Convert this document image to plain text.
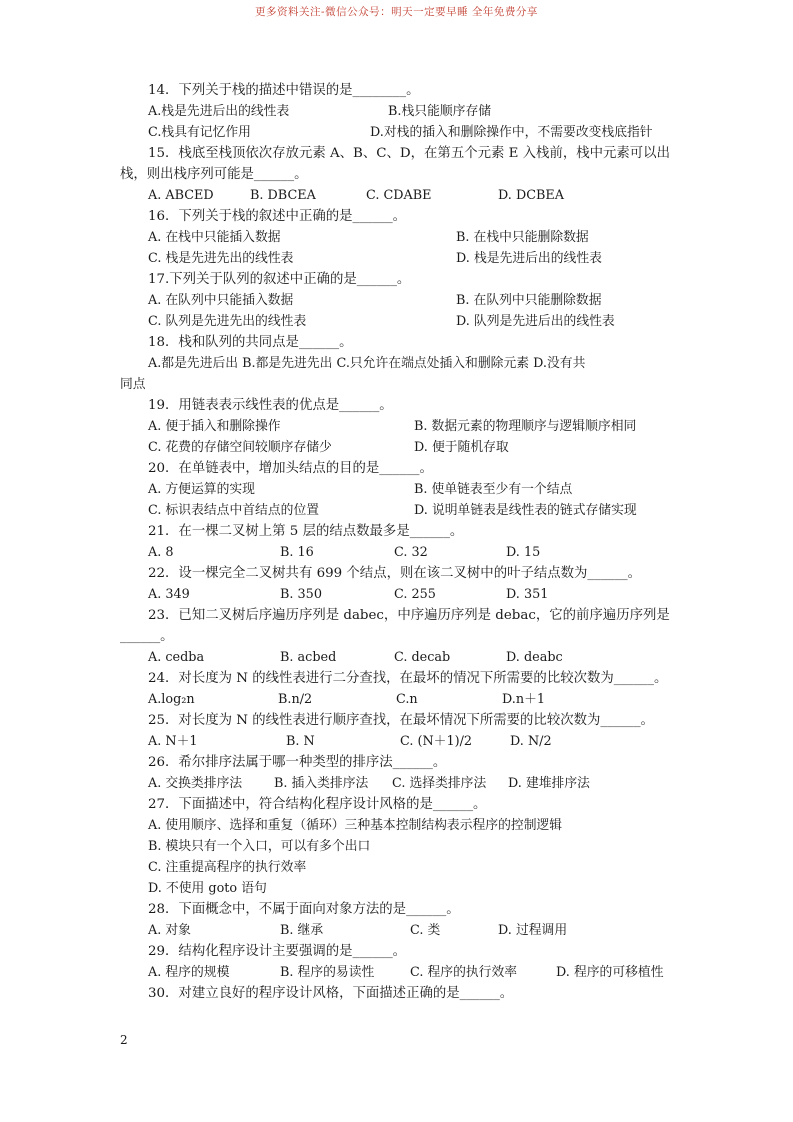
更多资料关注-微信公众号：明天一定要早睡 全年免费分享
14．下列关于栈的描述中错误的是________。
A.栈是先进后出的线性表	B.栈只能顺序存储
C.栈具有记忆作用	D.对栈的插入和删除操作中，不需要改变栈底指针
15．栈底至栈顶依次存放元素 A、B、C、D，在第五个元素 E 入栈前，栈中元素可以出
栈，则出栈序列可能是______。
A. ABCED	B. DBCEA	C. CDABE	D. DCBEA
16．下列关于栈的叙述中正确的是______。
A. 在栈中只能插入数据	B. 在栈中只能删除数据
C. 栈是先进先出的线性表	D. 栈是先进后出的线性表
17.下列关于队列的叙述中正确的是______。
A. 在队列中只能插入数据	B. 在队列中只能删除数据
C. 队列是先进先出的线性表	D. 队列是先进后出的线性表
18．栈和队列的共同点是______。
A.都是先进后出 B.都是先进先出 C.只允许在端点处插入和删除元素 D.没有共
同点
19．用链表表示线性表的优点是______。
A. 便于插入和删除操作	B. 数据元素的物理顺序与逻辑顺序相同
C. 花费的存储空间较顺序存储少	D. 便于随机存取
20．在单链表中，增加头结点的目的是______。
A. 方便运算的实现	B. 使单链表至少有一个结点
C. 标识表结点中首结点的位置	D. 说明单链表是线性表的链式存储实现
21．在一棵二叉树上第 5 层的结点数最多是______。
A. 8	B. 16	C. 32	D. 15
22．设一棵完全二叉树共有 699 个结点，则在该二叉树中的叶子结点数为______。
A. 349	B. 350	C. 255	D. 351
23．已知二叉树后序遍历序列是 dabec，中序遍历序列是 debac，它的前序遍历序列是
______。
A. cedba	B. acbed	C. decab	D. deabc
24．对长度为 N 的线性表进行二分查找，在最坏的情况下所需要的比较次数为______。
A.log₂n	B.n/2	C.n	D.n＋1
25．对长度为 N 的线性表进行顺序查找，在最坏情况下所需要的比较次数为______。
A. N＋1	B. N	C. (N＋1)/2	D. N/2
26．希尔排序法属于哪一种类型的排序法______。
A. 交换类排序法 B. 插入类排序法 C. 选择类排序法 D. 建堆排序法
27．下面描述中，符合结构化程序设计风格的是______。
A. 使用顺序、选择和重复（循环）三种基本控制结构表示程序的控制逻辑
B. 模块只有一个入口，可以有多个出口
C. 注重提高程序的执行效率
D. 不使用 goto 语句
28．下面概念中，不属于面向对象方法的是______。
A. 对象	B. 继承	C. 类	D. 过程调用
29．结构化程序设计主要强调的是______。
A. 程序的规模	B. 程序的易读性	C. 程序的执行效率	D. 程序的可移植性
30．对建立良好的程序设计风格，下面描述正确的是______。
2
